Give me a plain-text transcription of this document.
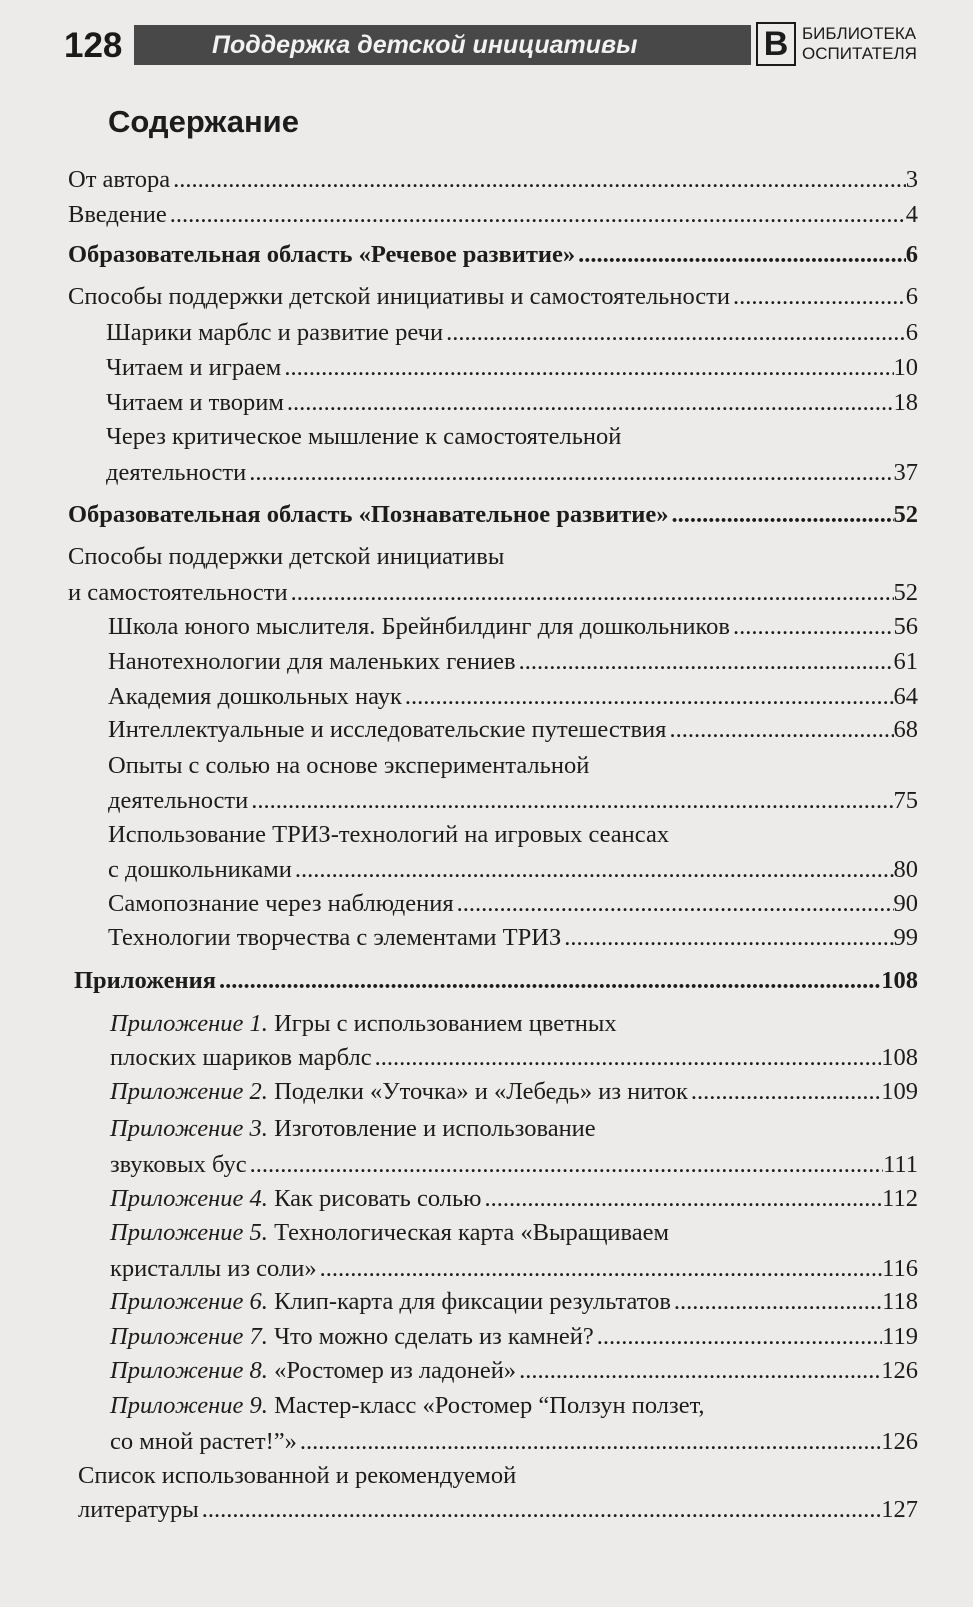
128	Поддержка детской инициативы	В БИБЛИОТЕКА
ОСПИТАТЕЛЯ
Содержание
От автора .....	3
Введение .....	4
Образовательная область «Речевое развитие» .....	6
Способы поддержки детской инициативы и самостоятельности .....	6
Шарики марблс и развитие речи .....	6
Читаем и играем .....	10
Читаем и творим .....	18
Через критическое мышление к самостоятельной
деятельности .....	37
Образовательная область «Познавательное развитие» .....	52
Способы поддержки детской инициативы
и самостоятельности .....	52
Школа юного мыслителя. Брейнбилдинг для дошкольников .....	56
Нанотехнологии для маленьких гениев .....	61
Академия дошкольных наук .....	64
Интеллектуальные и исследовательские путешествия .....	68
Опыты с солью на основе экспериментальной
деятельности .....	75
Использование ТРИЗ-технологий на игровых сеансах
с дошкольниками .....	80
Самопознание через наблюдения .....	90
Технологии творчества с элементами ТРИЗ .....	99
Приложения .....	108
Приложение 1. Игры с использованием цветных
плоских шариков марблс .....	108
Приложение 2. Поделки «Уточка» и «Лебедь» из ниток .....	109
Приложение 3. Изготовление и использование
звуковых бус .....	111
Приложение 4. Как рисовать солью .....	112
Приложение 5. Технологическая карта «Выращиваем
кристаллы из соли» .....	116
Приложение 6. Клип-карта для фиксации результатов .....	118
Приложение 7. Что можно сделать из камней? .....	119
Приложение 8. «Ростомер из ладоней» .....	126
Приложение 9. Мастер-класс «Ростомер “Ползун ползет,
со мной растет!”» .....	126
Список использованной и рекомендуемой
литературы .....	127
